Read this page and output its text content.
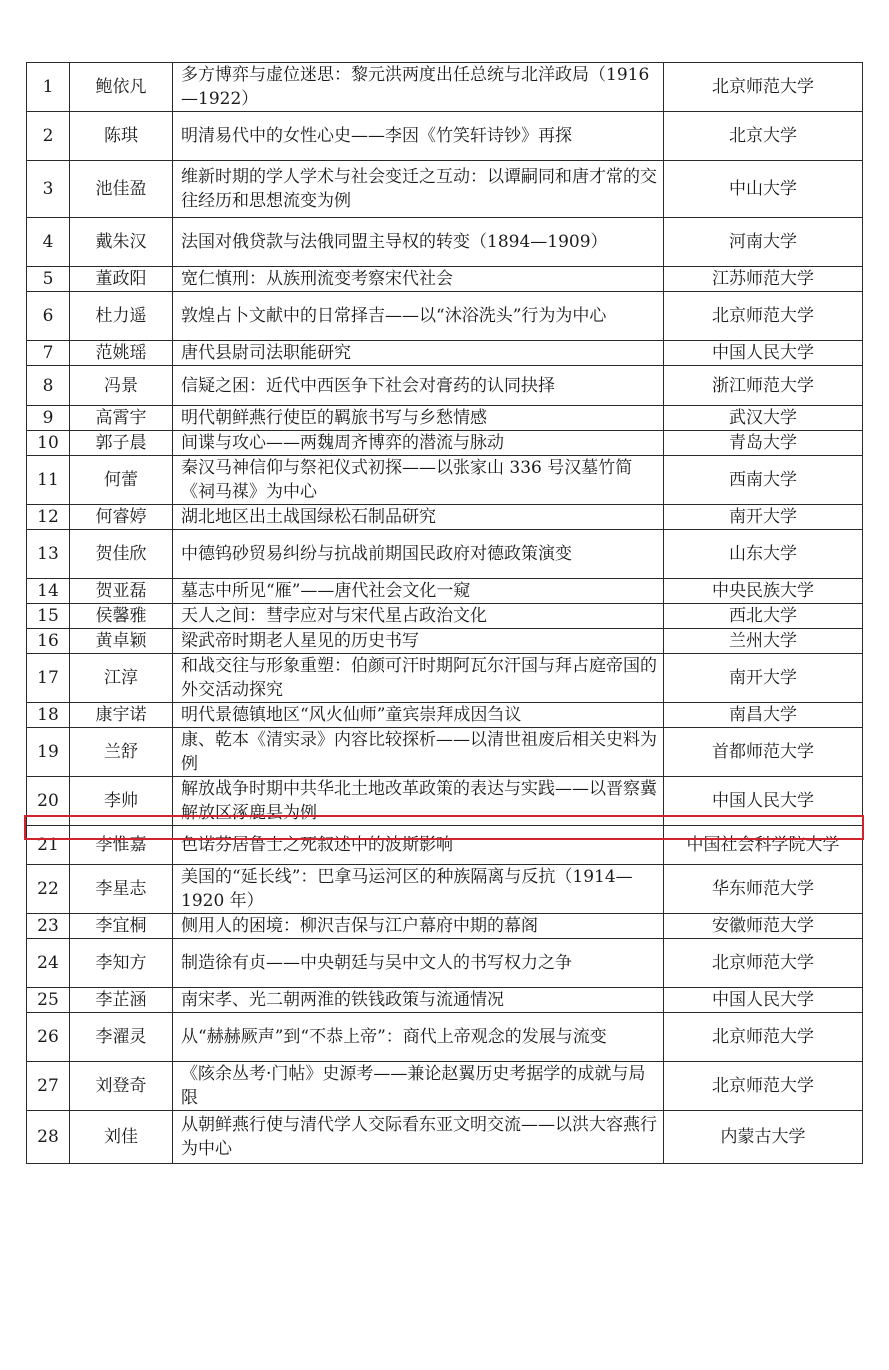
1	鲍依凡	多方博弈与虚位迷思：黎元洪两度出任总统与北洋政局（1916—1922）	北京师范大学
2	陈琪	明清易代中的女性心史——李因《竹笑轩诗钞》再探	北京大学
3	池佳盈	维新时期的学人学术与社会变迁之互动：以谭嗣同和唐才常的交往经历和思想流变为例	中山大学
4	戴朱汉	法国对俄贷款与法俄同盟主导权的转变（1894—1909）	河南大学
5	董政阳	宽仁慎刑：从族刑流变考察宋代社会	江苏师范大学
6	杜力遥	敦煌占卜文献中的日常择吉——以“沐浴洗头”行为为中心	北京师范大学
7	范姚瑶	唐代县尉司法职能研究	中国人民大学
8	冯景	信疑之困：近代中西医争下社会对膏药的认同抉择	浙江师范大学
9	高霄宇	明代朝鲜燕行使臣的羁旅书写与乡愁情感	武汉大学
10	郭子晨	间谍与攻心——两魏周齐博弈的潜流与脉动	青岛大学
11	何蕾	秦汉马神信仰与祭祀仪式初探——以张家山 336 号汉墓竹简《祠马禖》为中心	西南大学
12	何睿婷	湖北地区出土战国绿松石制品研究	南开大学
13	贺佳欣	中德钨砂贸易纠纷与抗战前期国民政府对德政策演变	山东大学
14	贺亚磊	墓志中所见“雁”——唐代社会文化一窥	中央民族大学
15	侯馨雅	天人之间：彗孛应对与宋代星占政治文化	西北大学
16	黄卓颖	梁武帝时期老人星见的历史书写	兰州大学
17	江淳	和战交往与形象重塑：伯颜可汗时期阿瓦尔汗国与拜占庭帝国的外交活动探究	南开大学
18	康宇诺	明代景德镇地区“风火仙师”童宾崇拜成因刍议	南昌大学
19	兰舒	康、乾本《清实录》内容比较探析——以清世祖废后相关史料为例	首都师范大学
20	李帅	解放战争时期中共华北土地改革政策的表达与实践——以晋察冀解放区涿鹿县为例	中国人民大学
21	李惟嘉	色诺芬居鲁士之死叙述中的波斯影响	中国社会科学院大学
22	李星志	美国的“延长线”：巴拿马运河区的种族隔离与反抗（1914—1920 年）	华东师范大学
23	李宜桐	侧用人的困境：柳沢吉保与江户幕府中期的幕阁	安徽师范大学
24	李知方	制造徐有贞——中央朝廷与吴中文人的书写权力之争	北京师范大学
25	李芷涵	南宋孝、光二朝两淮的铁钱政策与流通情况	中国人民大学
26	李濯灵	从“赫赫厥声”到“不恭上帝”：商代上帝观念的发展与流变	北京师范大学
27	刘登奇	《陔余丛考·门帖》史源考——兼论赵翼历史考据学的成就与局限	北京师范大学
28	刘佳	从朝鲜燕行使与清代学人交际看东亚文明交流——以洪大容燕行为中心	内蒙古大学
